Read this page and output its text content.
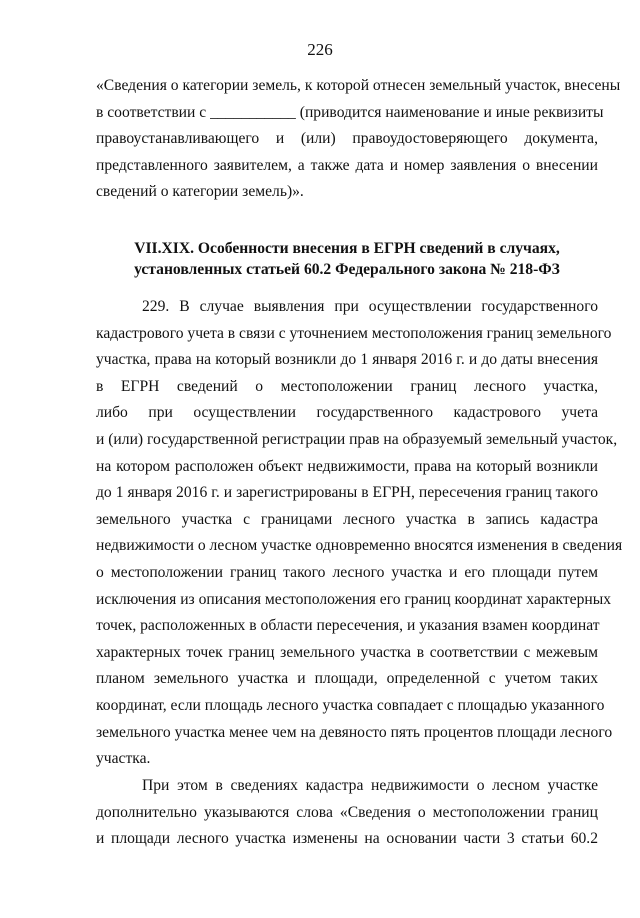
226
«Сведения о категории земель, к которой отнесен земельный участок, внесены
в соответствии с ___________ (приводится наименование и иные реквизиты
правоустанавливающего и (или) правоудостоверяющего документа,
представленного заявителем, а также дата и номер заявления о внесении
сведений о категории земель)».
VII.XIX. Особенности внесения в ЕГРН сведений в случаях,
установленных статьей 60.2 Федерального закона № 218-ФЗ
229. В случае выявления при осуществлении государственного
кадастрового учета в связи с уточнением местоположения границ земельного
участка, права на который возникли до 1 января 2016 г. и до даты внесения
в ЕГРН сведений о местоположении границ лесного участка,
либо при осуществлении государственного кадастрового учета
и (или) государственной регистрации прав на образуемый земельный участок,
на котором расположен объект недвижимости, права на который возникли
до 1 января 2016 г. и зарегистрированы в ЕГРН, пересечения границ такого
земельного участка с границами лесного участка в запись кадастра
недвижимости о лесном участке одновременно вносятся изменения в сведения
о местоположении границ такого лесного участка и его площади путем
исключения из описания местоположения его границ координат характерных
точек, расположенных в области пересечения, и указания взамен координат
характерных точек границ земельного участка в соответствии с межевым
планом земельного участка и площади, определенной с учетом таких
координат, если площадь лесного участка совпадает с площадью указанного
земельного участка менее чем на девяносто пять процентов площади лесного
участка.
При этом в сведениях кадастра недвижимости о лесном участке
дополнительно указываются слова «Сведения о местоположении границ
и площади лесного участка изменены на основании части 3 статьи 60.2
